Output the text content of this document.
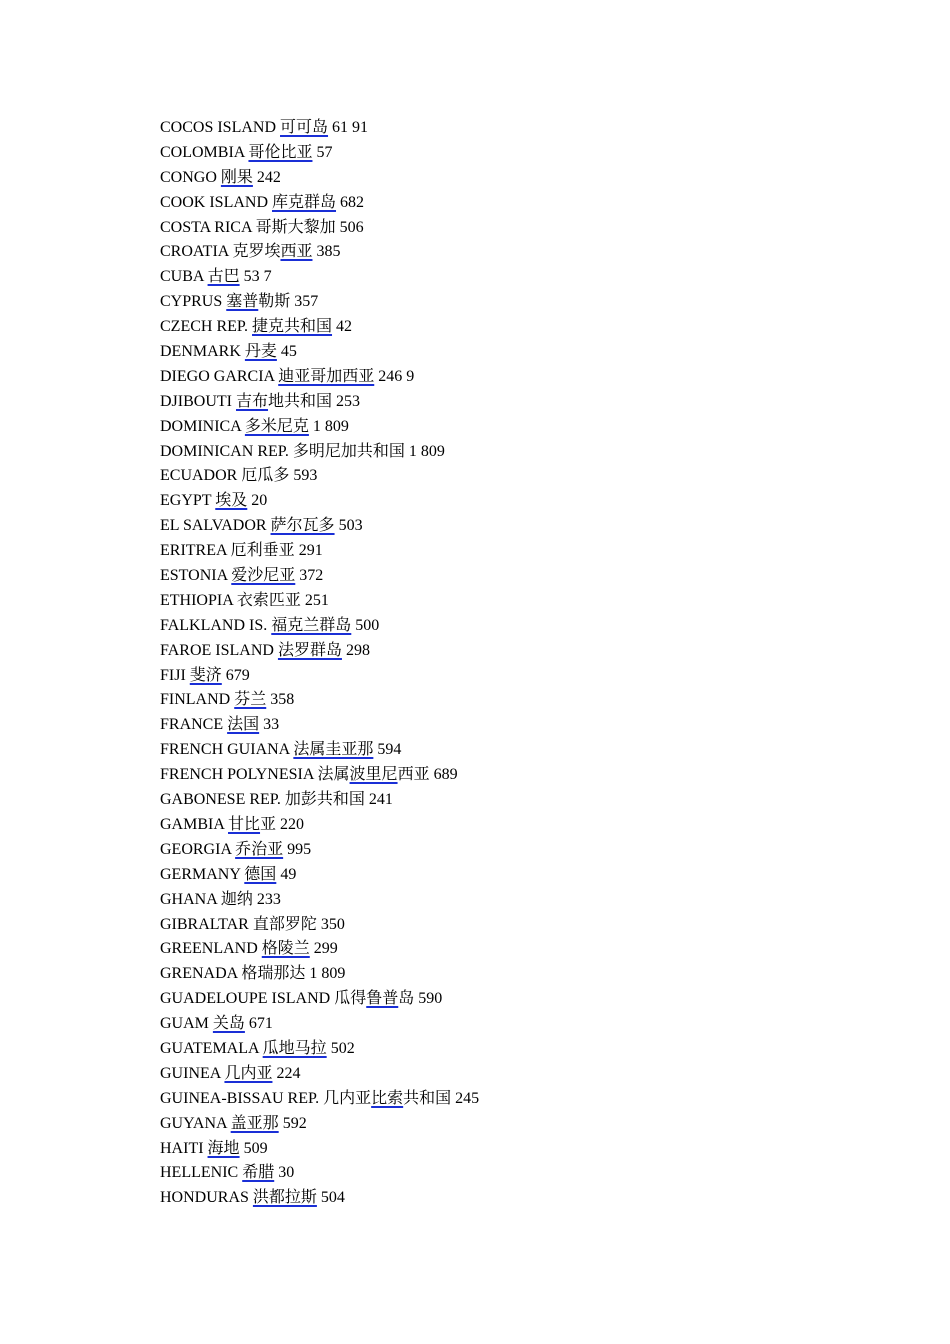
COCOS ISLAND 可可岛 61 91
COLOMBIA 哥伦比亚 57
CONGO 刚果 242
COOK ISLAND 库克群岛 682
COSTA RICA 哥斯大黎加 506
CROATIA 克罗埃西亚 385
CUBA 古巴 53 7
CYPRUS 塞普勒斯 357
CZECH REP. 捷克共和国 42
DENMARK 丹麦 45
DIEGO GARCIA 迪亚哥加西亚 246 9
DJIBOUTI 吉布地共和国 253
DOMINICA 多米尼克 1 809
DOMINICAN REP. 多明尼加共和国 1 809
ECUADOR 厄瓜多 593
EGYPT 埃及 20
EL SALVADOR 萨尔瓦多 503
ERITREA 厄利垂亚 291
ESTONIA 爱沙尼亚 372
ETHIOPIA 衣索匹亚 251
FALKLAND IS. 福克兰群岛 500
FAROE ISLAND 法罗群岛 298
FIJI 斐济 679
FINLAND 芬兰 358
FRANCE 法国 33
FRENCH GUIANA 法属圭亚那 594
FRENCH POLYNESIA 法属波里尼西亚 689
GABONESE REP. 加彭共和国 241
GAMBIA 甘比亚 220
GEORGIA 乔治亚 995
GERMANY 德国 49
GHANA 迦纳 233
GIBRALTAR 直部罗陀 350
GREENLAND 格陵兰 299
GRENADA 格瑞那达 1 809
GUADELOUPE ISLAND 瓜得鲁普岛 590
GUAM 关岛 671
GUATEMALA 瓜地马拉 502
GUINEA 几内亚 224
GUINEA-BISSAU REP. 几内亚比索共和国 245
GUYANA 盖亚那 592
HAITI 海地 509
HELLENIC 希腊 30
HONDURAS 洪都拉斯 504
